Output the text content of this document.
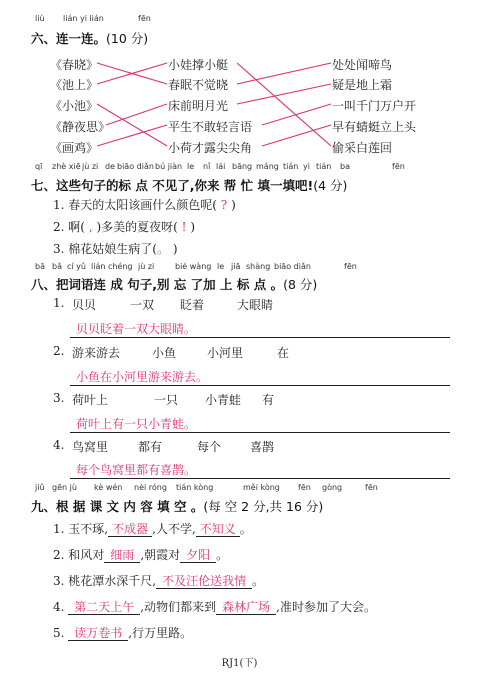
liù lián yi lián	fēn
六、连一连。(10 分)
《春晓》
《池上》
《小池》
《静夜思》
《画鸡》
小娃撑小艇
春眠不觉晓
床前明月光
平生不敢轻言语
小荷才露尖尖角
处处闻啼鸟
疑是地上霜
一叫千门万户开
早有蜻蜓立上头
偷采白莲回
qī zhè xiē jù zi de biāo diǎn bú jiàn le nǐ lái bāng máng tián yi tián ba	fēn
七、这些句子的标 点 不见了,你来 帮 忙 填一填吧!(4 分)
1. 春天的太阳该画什么颜色呢( ? )
2. 啊( , )多美的夏夜呀( ! )
3. 棉花姑娘生病了(。 )
bā bǎ cí yǔ lián chéng jù zi	bié wàng le jiā shàng biāo diǎn	fēn
八、把词语连 成 句子,别 忘 了加 上 标 点 。(8 分)
1. 贝贝	一双 眨着	大眼睛
贝贝眨着一双大眼睛。
2. 游来游去	小鱼	小河里	在
小鱼在小河里游来游去。
3. 荷叶上	一只 小青蛙 有
荷叶上有一只小青蛙。
4. 鸟窝里 都有	每个 喜鹊
每个鸟窝里都有喜鹊。
jiǔ gēn jù kè wén nèi róng tián kòng	měi kòng fēn gòng	fēn
九、根 据 课 文 内 容 填 空 。(每 空 2 分,共 16 分)
1. 玉不琢, 不成器 ,人不学, 不知义 。
2. 和风对 细雨 ,朝霞对 夕阳 。
3. 桃花潭水深千尺, 不及汪伦送我情 。
4. 第二天上午 ,动物们都来到 森林广场 ,准时参加了大会。
5. 读万卷书 ,行万里路。
RJ1(下)
